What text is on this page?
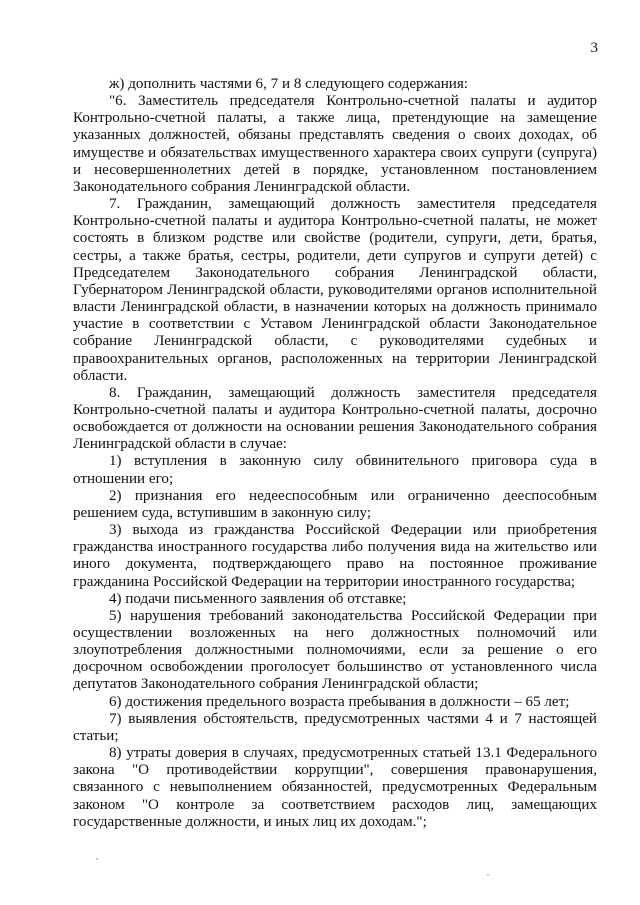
3

ж) дополнить частями 6, 7 и 8 следующего содержания:

"6. Заместитель председателя Контрольно-счетной палаты и аудитор Контрольно-счетной палаты, а также лица, претендующие на замещение указанных должностей, обязаны представлять сведения о своих доходах, об имуществе и обязательствах имущественного характера своих супруги (супруга) и несовершеннолетних детей в порядке, установленном постановлением Законодательного собрания Ленинградской области.

7. Гражданин, замещающий должность заместителя председателя Контрольно-счетной палаты и аудитора Контрольно-счетной палаты, не может состоять в близком родстве или свойстве (родители, супруги, дети, братья, сестры, а также братья, сестры, родители, дети супругов и супруги детей) с Председателем Законодательного собрания Ленинградской области, Губернатором Ленинградской области, руководителями органов исполнительной власти Ленинградской области, в назначении которых на должность принимало участие в соответствии с Уставом Ленинградской области Законодательное собрание Ленинградской области, с руководителями судебных и правоохранительных органов, расположенных на территории Ленинградской области.

8. Гражданин, замещающий должность заместителя председателя Контрольно-счетной палаты и аудитора Контрольно-счетной палаты, досрочно освобождается от должности на основании решения Законодательного собрания Ленинградской области в случае:

1) вступления в законную силу обвинительного приговора суда в отношении его;

2) признания его недееспособным или ограниченно дееспособным решением суда, вступившим в законную силу;

3) выхода из гражданства Российской Федерации или приобретения гражданства иностранного государства либо получения вида на жительство или иного документа, подтверждающего право на постоянное проживание гражданина Российской Федерации на территории иностранного государства;

4) подачи письменного заявления об отставке;

5) нарушения требований законодательства Российской Федерации при осуществлении возложенных на него должностных полномочий или злоупотребления должностными полномочиями, если за решение о его досрочном освобождении проголосует большинство от установленного числа депутатов Законодательного собрания Ленинградской области;

6) достижения предельного возраста пребывания в должности – 65 лет;

7) выявления обстоятельств, предусмотренных частями 4 и 7 настоящей статьи;

8) утраты доверия в случаях, предусмотренных статьей 13.1 Федерального закона "О противодействии коррупции", совершения правонарушения, связанного с невыполнением обязанностей, предусмотренных Федеральным законом "О контроле за соответствием расходов лиц, замещающих государственные должности, и иных лиц их доходам.";
